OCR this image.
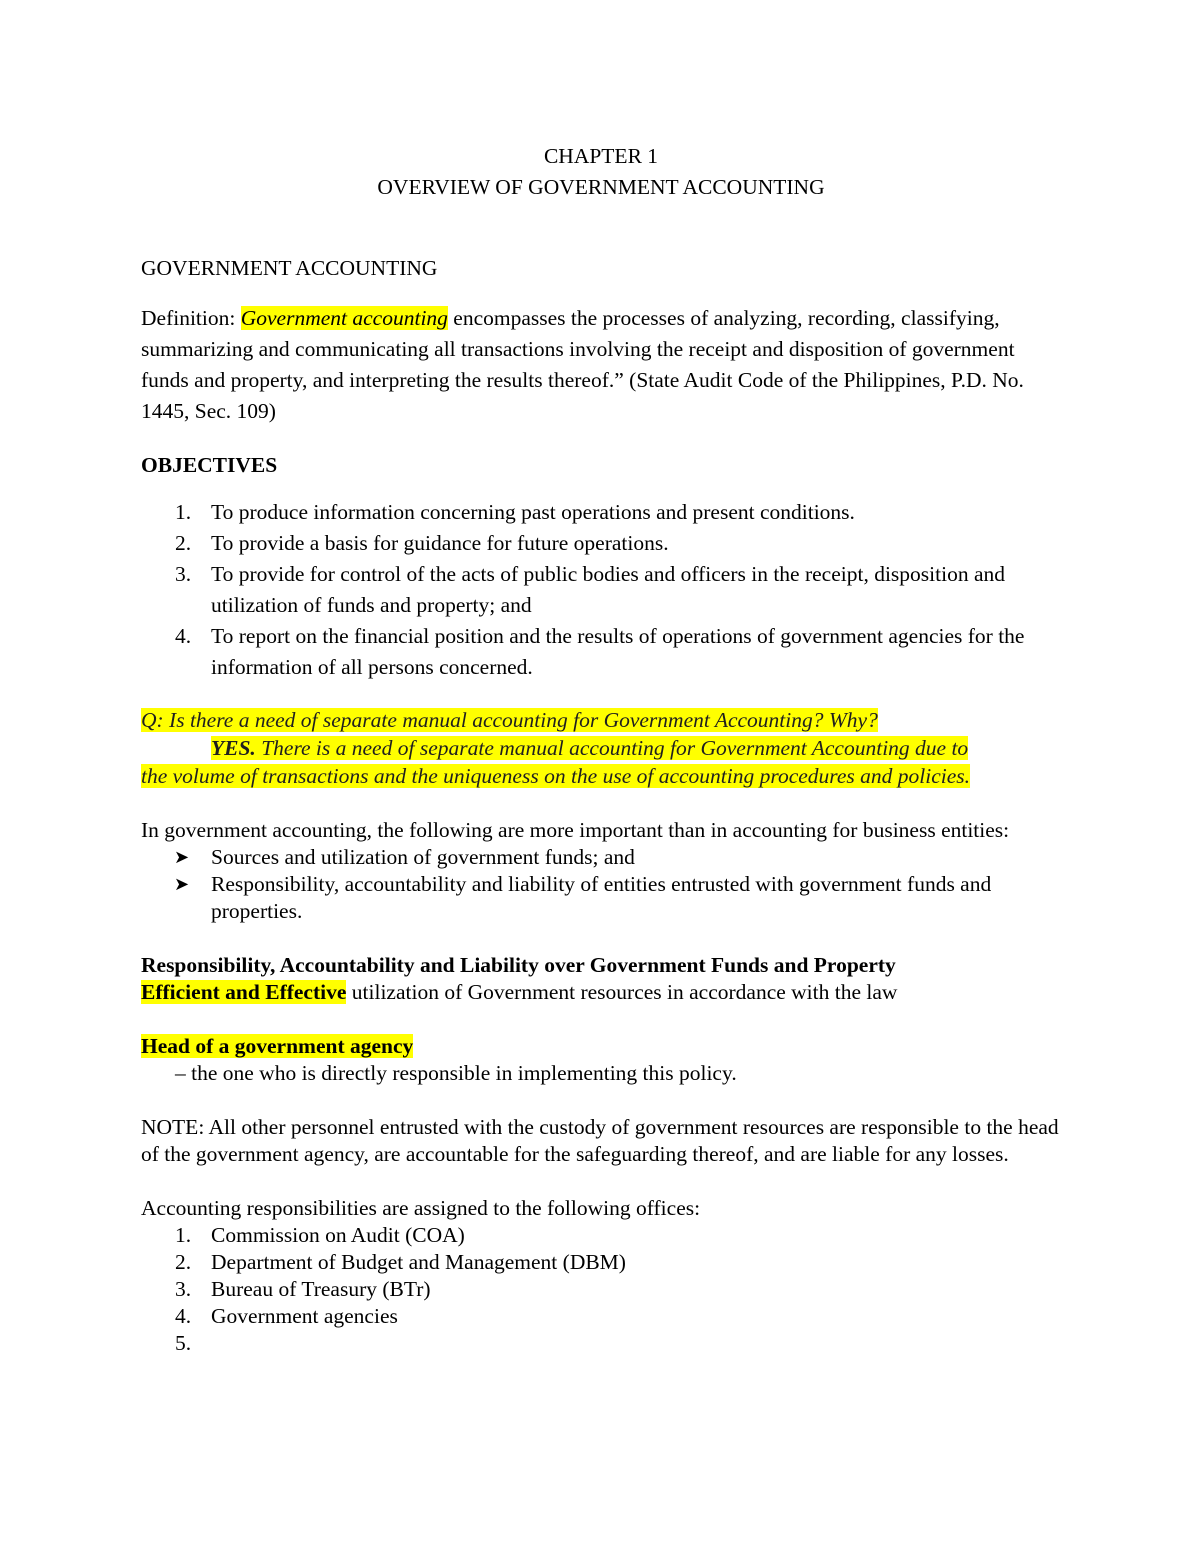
CHAPTER 1

OVERVIEW OF GOVERNMENT ACCOUNTING

GOVERNMENT ACCOUNTING

Definition: Government accounting encompasses the processes of analyzing, recording, classifying, summarizing and communicating all transactions involving the receipt and disposition of government funds and property, and interpreting the results thereof.” (State Audit Code of the Philippines, P.D. No. 1445, Sec. 109)

OBJECTIVES

1. To produce information concerning past operations and present conditions.
2. To provide a basis for guidance for future operations.
3. To provide for control of the acts of public bodies and officers in the receipt, disposition and utilization of funds and property; and
4. To report on the financial position and the results of operations of government agencies for the information of all persons concerned.
Q: Is there a need of separate manual accounting for Government Accounting? Why?
YES. There is a need of separate manual accounting for Government Accounting due to
the volume of transactions and the uniqueness on the use of accounting procedures and policies.

In government accounting, the following are more important than in accounting for business entities:

➤ Sources and utilization of government funds; and
➤ Responsibility, accountability and liability of entities entrusted with government funds and properties.

Responsibility, Accountability and Liability over Government Funds and Property

Efficient and Effective utilization of Government resources in accordance with the law

Head of a government agency

– the one who is directly responsible in implementing this policy.

NOTE: All other personnel entrusted with the custody of government resources are responsible to the head of the government agency, are accountable for the safeguarding thereof, and are liable for any losses.

Accounting responsibilities are assigned to the following offices:

1. Commission on Audit (COA)
2. Department of Budget and Management (DBM)
3. Bureau of Treasury (BTr)
4. Government agencies
5.
